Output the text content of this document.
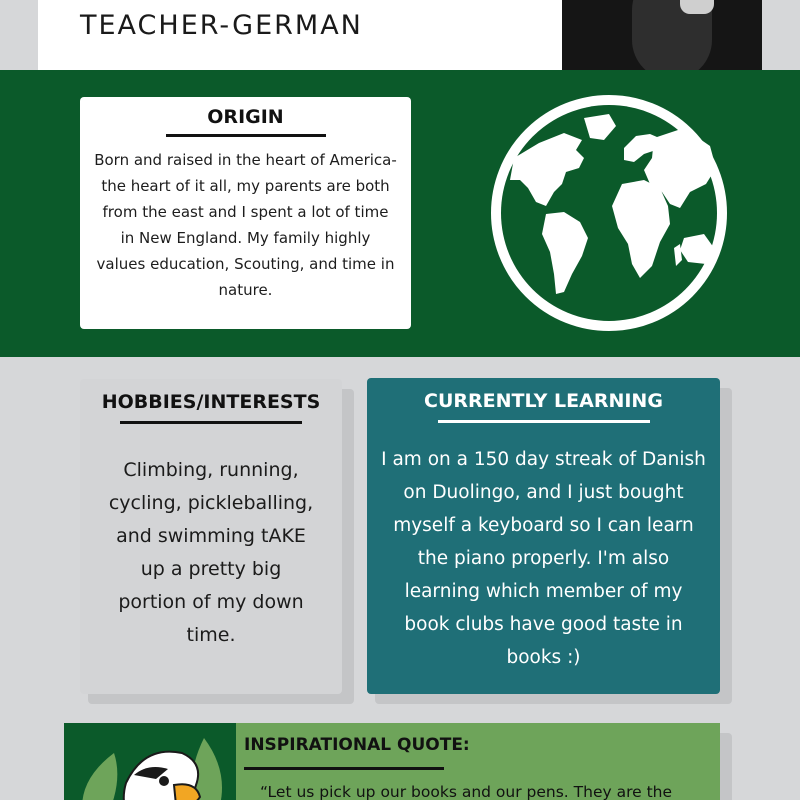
TEACHER-GERMAN
ORIGIN
Born and raised in the heart of America-the heart of it all, my parents are both from the east and I spent a lot of time in New England. My family highly values education, Scouting, and time in nature.
HOBBIES/INTERESTS
Climbing, running, cycling, pickleballing, and swimming tAKE up a pretty big portion of my down time.
CURRENTLY LEARNING
I am on a 150 day streak of Danish on Duolingo, and I just bought myself a keyboard so I can learn the piano properly. I'm also learning which member of my book clubs have good taste in books :)
INSPIRATIONAL QUOTE:
“Let us pick up our books and our pens. They are the
